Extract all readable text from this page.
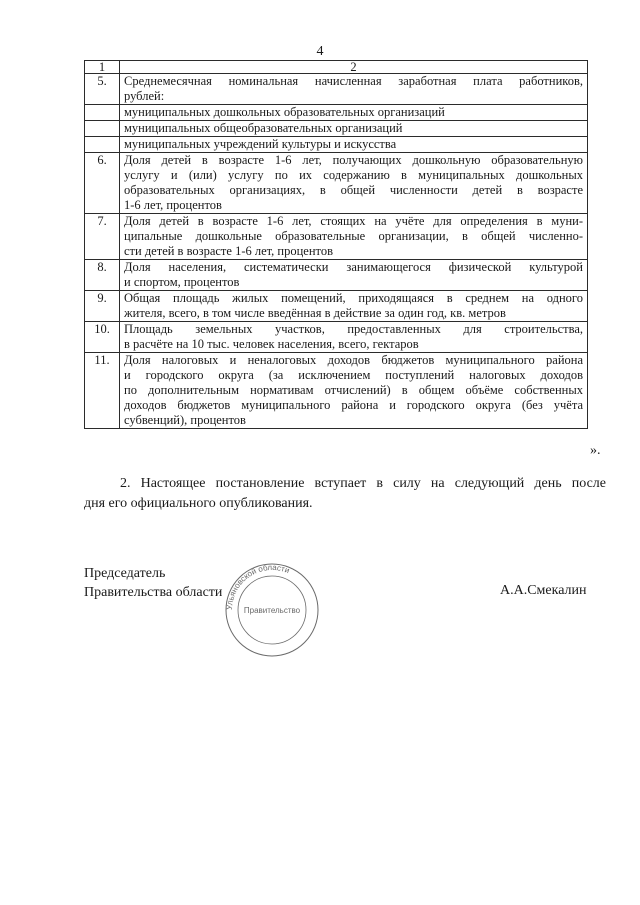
4
1	2
5.	Среднемесячная номинальная начисленная заработная плата работников,
рублей:

	муниципальных дошкольных образовательных организаций

	муниципальных общеобразовательных организаций

	муниципальных учреждений культуры и искусства

6.	Доля детей в возрасте 1-6 лет, получающих дошкольную образовательную
услугу и (или) услугу по их содержанию в муниципальных дошкольных
образовательных организациях, в общей численности детей в возрасте
1-6 лет, процентов

7.	Доля детей в возрасте 1-6 лет, стоящих на учёте для определения в муни-
ципальные дошкольные образовательные организации, в общей численно-
сти детей в возрасте 1-6 лет, процентов

8.	Доля населения, систематически занимающегося физической культурой
и спортом, процентов

9.	Общая площадь жилых помещений, приходящаяся в среднем на одного
жителя, всего, в том числе введённая в действие за один год, кв. метров

10.	Площадь земельных участков, предоставленных для строительства,
в расчёте на 10 тыс. человек населения, всего, гектаров

11.	Доля налоговых и неналоговых доходов бюджетов муниципального района
и городского округа (за исключением поступлений налоговых доходов
по дополнительным нормативам отчислений) в общем объёме собственных
доходов бюджетов муниципального района и городского округа (без учёта
субвенций), процентов
».
2. Настоящее постановление вступает в силу на следующий день после
дня его официального опубликования.
Председатель
Правительства области	А.А.Смекалин
Ульяновской области
Правительство
